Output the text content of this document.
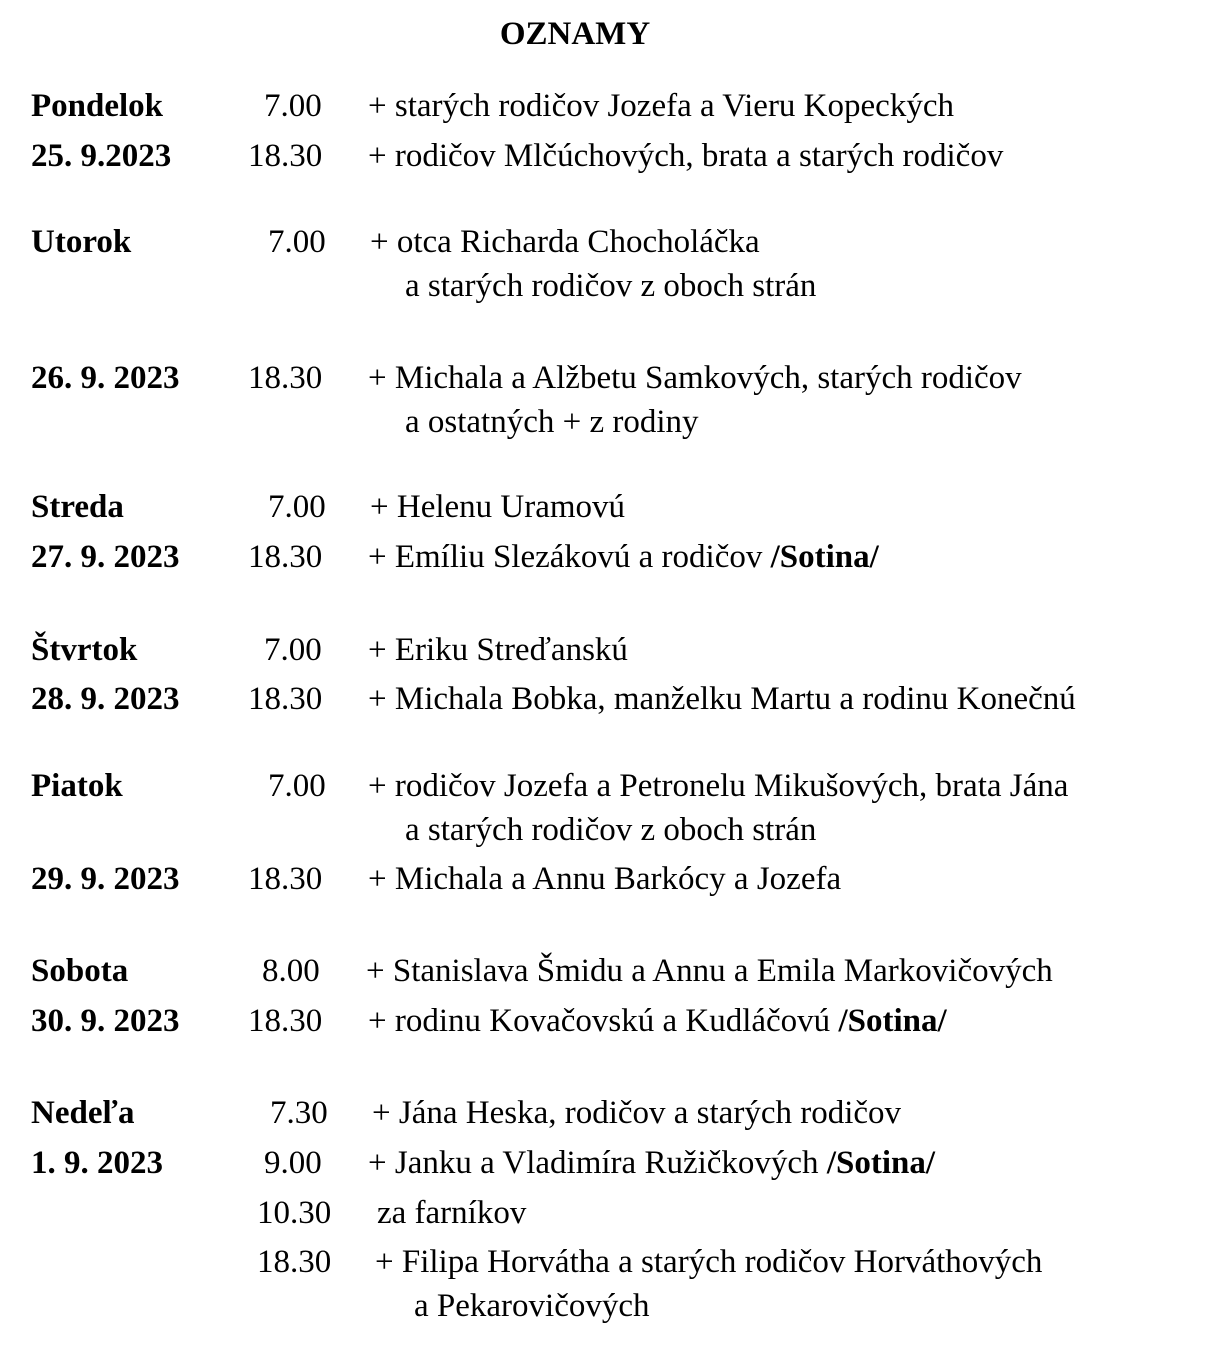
OZNAMY
Pondelok
25. 9.2023
7.00 + starých rodičov Jozefa a Vieru Kopeckých
18.30 + rodičov Mlčúchových, brata a starých rodičov
Utorok	7.00 + otca Richarda Chocholáčka
a starých rodičov z oboch strán
26. 9. 2023 18.30 + Michala a Alžbetu Samkových, starých rodičov
a ostatných + z rodiny
Streda
27. 9. 2023
7.00 + Helenu Uramovú
18.30 + Emíliu Slezákovú a rodičov /Sotina/
Štvrtok
28. 9. 2023
7.00 + Eriku Streďanskú
18.30 + Michala Bobka, manželku Martu a rodinu Konečnú
Piatok	7.00 + rodičov Jozefa a Petronelu Mikušových, brata Jána
a starých rodičov z oboch strán
29. 9. 2023 18.30 + Michala a Annu Barkócy a Jozefa
Sobota
30. 9. 2023
8.00 + Stanislava Šmidu a Annu a Emila Markovičových
18.30 + rodinu Kovačovskú a Kudláčovú /Sotina/
Nedeľa
1. 9. 2023
7.30 + Jána Heska, rodičov a starých rodičov
9.00 + Janku a Vladimíra Ružičkových /Sotina/
10.30 za farníkov
18.30 + Filipa Horvátha a starých rodičov Horváthových
a Pekarovičových
